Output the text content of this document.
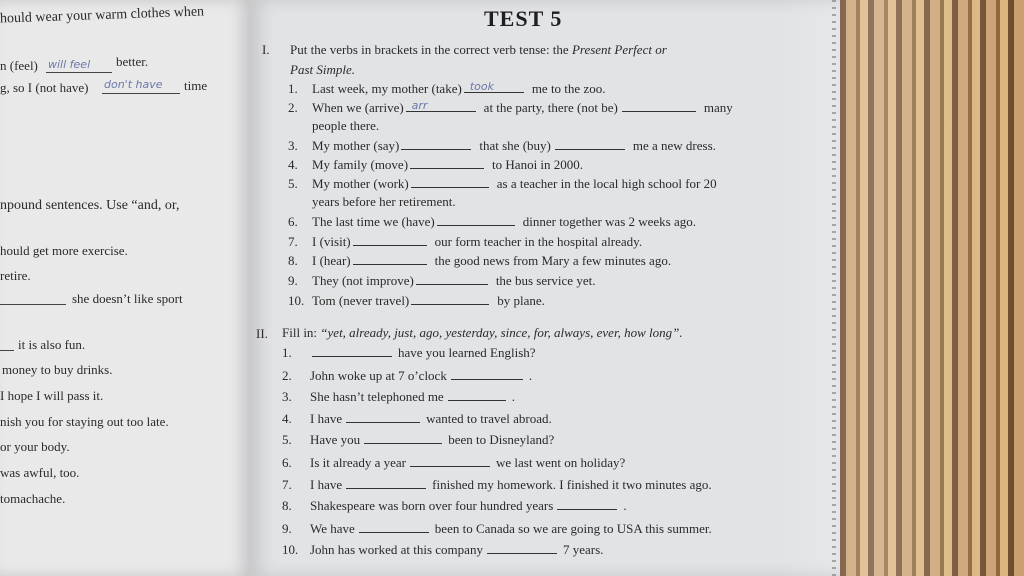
hould wear your warm clothes when
n (feel) will feel better.
g, so I (not have) don't have time
npound sentences. Use “and, or,
hould get more exercise.
retire.
she doesn’t like sport
it is also fun.
money to buy drinks.
I hope I will pass it.
nish you for staying out too late.
or your body.
was awful, too.
tomachache.
TEST 5
I. Put the verbs in brackets in the correct verb tense: the Present Perfect or
Past Simple.
1. Last week, my mother (take) took	me to the zoo.
2. When we (arrive) arr	at the party, there (not be)	many
people there.
3. My mother (say)	that she (buy)	me a new dress.
4. My family (move)	to Hanoi in 2000.
5. My mother (work)	as a teacher in the local high school for 20
years before her retirement.
6. The last time we (have)	dinner together was 2 weeks ago.
7. I (visit)	our form teacher in the hospital already.
8. I (hear)	the good news from Mary a few minutes ago.
9. They (not improve)	the bus service yet.
10. Tom (never travel)	by plane.
II. Fill in: “yet, already, just, ago, yesterday, since, for, always, ever, how long”.
1.	have you learned English?
2. John woke up at 7 o’clock	.
3. She hasn’t telephoned me	.
4. I have	wanted to travel abroad.
5. Have you	been to Disneyland?
6. Is it already a year	we last went on holiday?
7. I have	finished my homework. I finished it two minutes ago.
8. Shakespeare was born over four hundred years	.
9. We have	been to Canada so we are going to USA this summer.
10. John has worked at this company	7 years.
